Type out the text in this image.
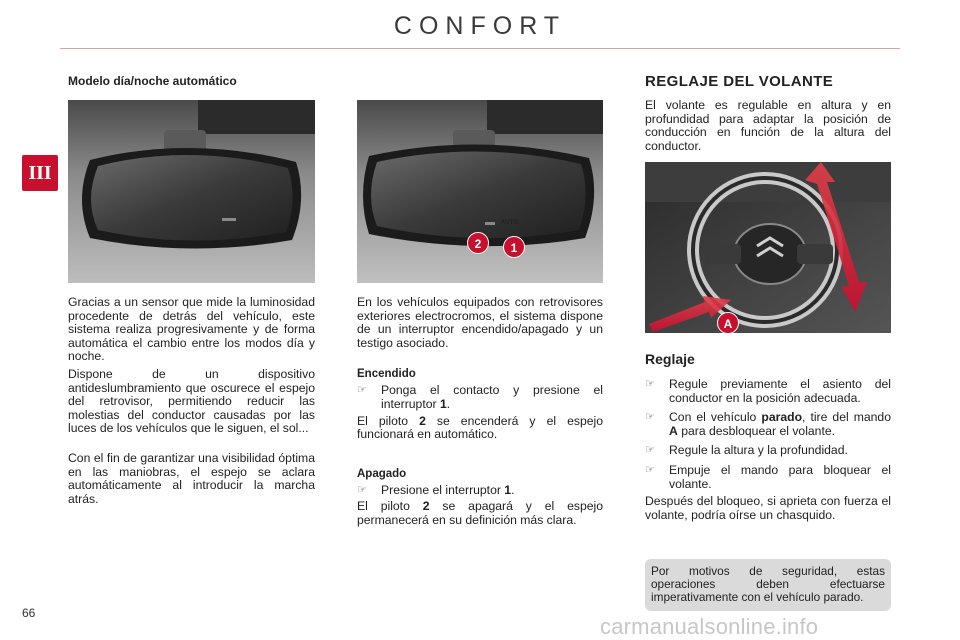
CONFORT
III
Modelo día/noche automático
AUTO
2	1

Gracias a un sensor que mide la luminosidad procedente de detrás del vehículo, este sistema realiza progresivamente y de forma automática el cambio entre los modos día y noche.

Dispone de un dispositivo antideslumbramiento que oscurece el espejo del retrovisor, permitiendo reducir las molestias del conductor causadas por las luces de los vehículos que le siguen, el sol...

Con el fin de garantizar una visibilidad óptima en las maniobras, el espejo se aclara automáticamente al introducir la marcha atrás.

En los vehículos equipados con retrovisores exteriores electrocromos, el sistema dispone de un interruptor encendido/apagado y un testigo asociado.

Encendido
☞	Ponga el contacto y presione el interruptor 1.

El piloto 2 se encenderá y el espejo funcionará en automático.

Apagado
☞	Presione el interruptor 1.

El piloto 2 se apagará y el espejo permanecerá en su definición más clara.

REGLAJE DEL VOLANTE

El volante es regulable en altura y en profundidad para adaptar la posición de conducción en función de la altura del conductor.

A
Reglaje
☞	Regule previamente el asiento del conductor en la posición adecuada.
☞	Con el vehículo parado, tire del mando A para desbloquear el volante.
☞	Regule la altura y la profundidad.
☞	Empuje el mando para bloquear el volante.

Después del bloqueo, si aprieta con fuerza el volante, podría oírse un chasquido.

Por motivos de seguridad, estas operaciones deben efectuarse imperativamente con el vehículo parado.

66
carmanualsonline.info
